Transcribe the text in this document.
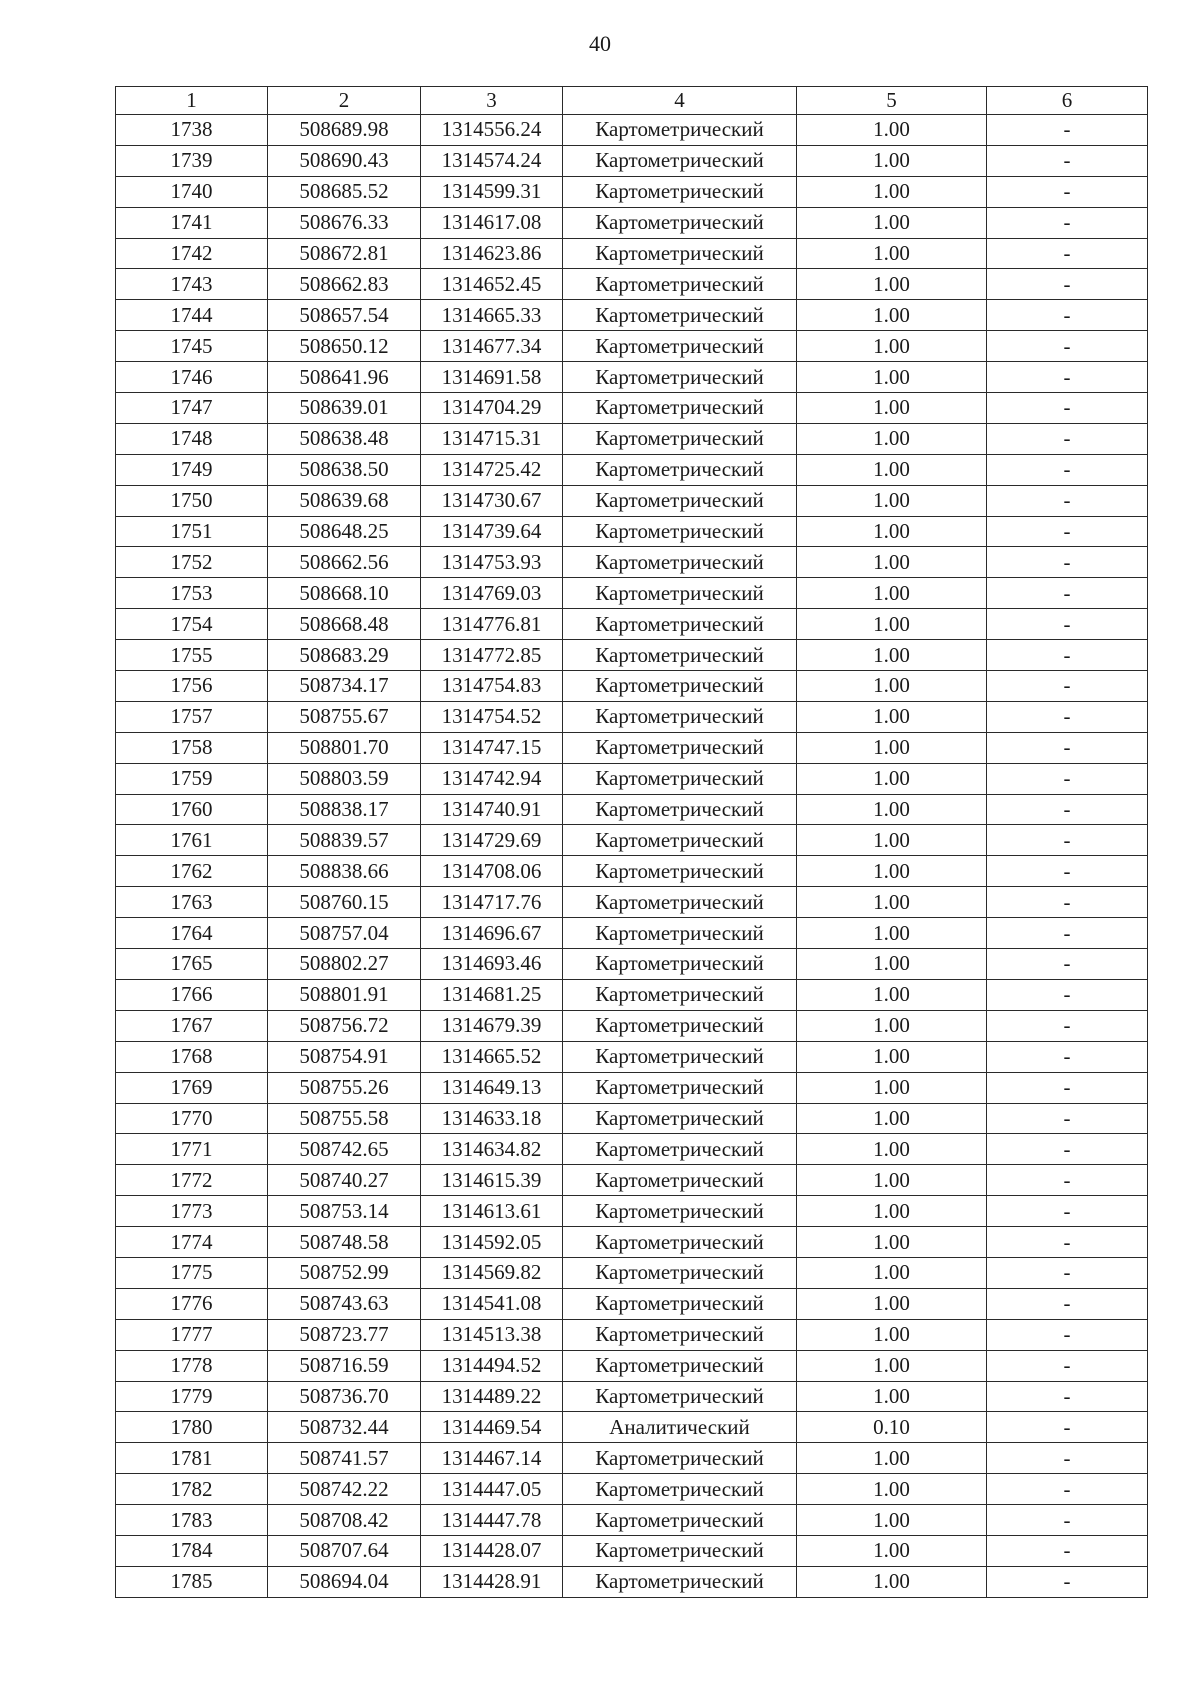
40
1	2	3	4	5	6
1738	508689.98	1314556.24	Картометрический	1.00	-
1739	508690.43	1314574.24	Картометрический	1.00	-
1740	508685.52	1314599.31	Картометрический	1.00	-
1741	508676.33	1314617.08	Картометрический	1.00	-
1742	508672.81	1314623.86	Картометрический	1.00	-
1743	508662.83	1314652.45	Картометрический	1.00	-
1744	508657.54	1314665.33	Картометрический	1.00	-
1745	508650.12	1314677.34	Картометрический	1.00	-
1746	508641.96	1314691.58	Картометрический	1.00	-
1747	508639.01	1314704.29	Картометрический	1.00	-
1748	508638.48	1314715.31	Картометрический	1.00	-
1749	508638.50	1314725.42	Картометрический	1.00	-
1750	508639.68	1314730.67	Картометрический	1.00	-
1751	508648.25	1314739.64	Картометрический	1.00	-
1752	508662.56	1314753.93	Картометрический	1.00	-
1753	508668.10	1314769.03	Картометрический	1.00	-
1754	508668.48	1314776.81	Картометрический	1.00	-
1755	508683.29	1314772.85	Картометрический	1.00	-
1756	508734.17	1314754.83	Картометрический	1.00	-
1757	508755.67	1314754.52	Картометрический	1.00	-
1758	508801.70	1314747.15	Картометрический	1.00	-
1759	508803.59	1314742.94	Картометрический	1.00	-
1760	508838.17	1314740.91	Картометрический	1.00	-
1761	508839.57	1314729.69	Картометрический	1.00	-
1762	508838.66	1314708.06	Картометрический	1.00	-
1763	508760.15	1314717.76	Картометрический	1.00	-
1764	508757.04	1314696.67	Картометрический	1.00	-
1765	508802.27	1314693.46	Картометрический	1.00	-
1766	508801.91	1314681.25	Картометрический	1.00	-
1767	508756.72	1314679.39	Картометрический	1.00	-
1768	508754.91	1314665.52	Картометрический	1.00	-
1769	508755.26	1314649.13	Картометрический	1.00	-
1770	508755.58	1314633.18	Картометрический	1.00	-
1771	508742.65	1314634.82	Картометрический	1.00	-
1772	508740.27	1314615.39	Картометрический	1.00	-
1773	508753.14	1314613.61	Картометрический	1.00	-
1774	508748.58	1314592.05	Картометрический	1.00	-
1775	508752.99	1314569.82	Картометрический	1.00	-
1776	508743.63	1314541.08	Картометрический	1.00	-
1777	508723.77	1314513.38	Картометрический	1.00	-
1778	508716.59	1314494.52	Картометрический	1.00	-
1779	508736.70	1314489.22	Картометрический	1.00	-
1780	508732.44	1314469.54	Аналитический	0.10	-
1781	508741.57	1314467.14	Картометрический	1.00	-
1782	508742.22	1314447.05	Картометрический	1.00	-
1783	508708.42	1314447.78	Картометрический	1.00	-
1784	508707.64	1314428.07	Картометрический	1.00	-
1785	508694.04	1314428.91	Картометрический	1.00	-
